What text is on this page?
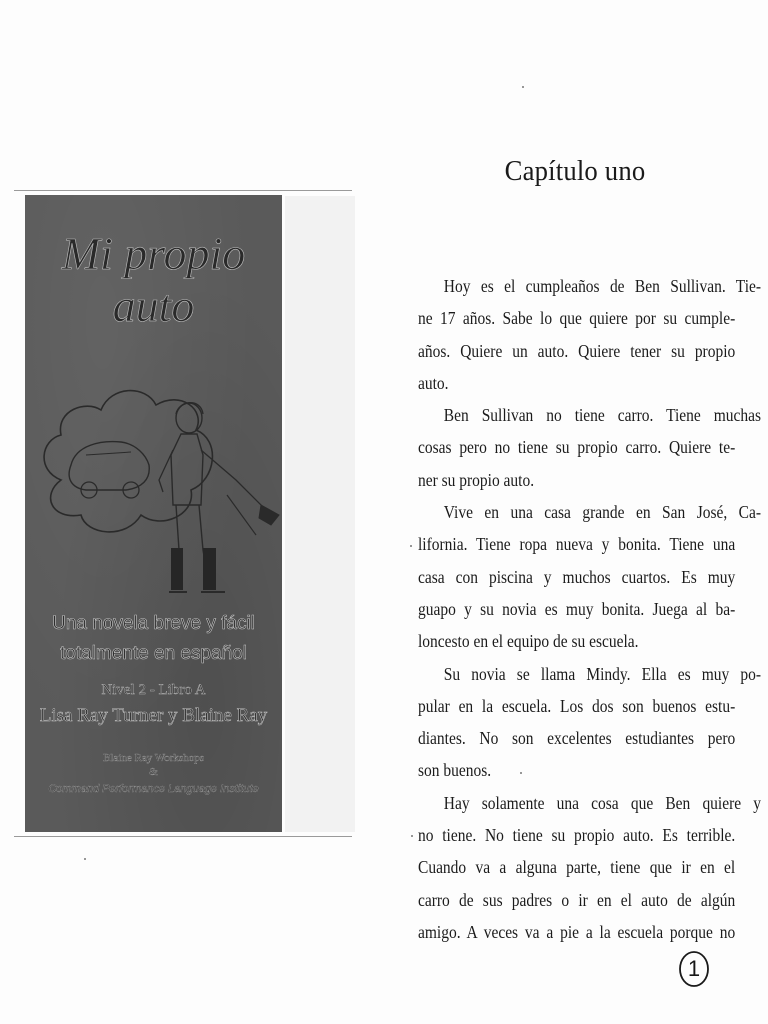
Mi propio
auto
Una novela breve y fácil
totalmente en español
Nivel 2 - Libro A
Lisa Ray Turner y Blaine Ray
Blaine Ray Workshops
&
Command Performance Language Institute
Capítulo uno
Hoy es el cumpleaños de Ben Sullivan. Tie-
ne 17 años. Sabe lo que quiere por su cumple-
años. Quiere un auto. Quiere tener su propio
auto.
Ben Sullivan no tiene carro. Tiene muchas
cosas pero no tiene su propio carro. Quiere te-
ner su propio auto.
Vive en una casa grande en San José, Ca-
lifornia. Tiene ropa nueva y bonita. Tiene una
casa con piscina y muchos cuartos. Es muy
guapo y su novia es muy bonita. Juega al ba-
loncesto en el equipo de su escuela.
Su novia se llama Mindy. Ella es muy po-
pular en la escuela. Los dos son buenos estu-
diantes. No son excelentes estudiantes pero
son buenos.
Hay solamente una cosa que Ben quiere y
no tiene. No tiene su propio auto. Es terrible.
Cuando va a alguna parte, tiene que ir en el
carro de sus padres o ir en el auto de algún
amigo. A veces va a pie a la escuela porque no
1
